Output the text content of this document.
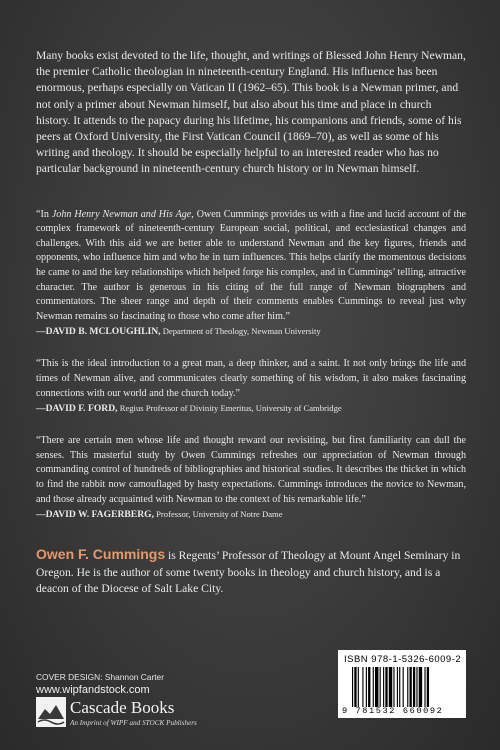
Many books exist devoted to the life, thought, and writings of Blessed John Henry Newman, the premier Catholic theologian in nineteenth-century England. His influence has been enormous, perhaps especially on Vatican II (1962–65). This book is a Newman primer, and not only a primer about Newman himself, but also about his time and place in church history. It attends to the papacy during his lifetime, his companions and friends, some of his peers at Oxford University, the First Vatican Council (1869–70), as well as some of his writing and theology. It should be especially helpful to an interested reader who has no particular background in nineteenth-century church history or in Newman himself.

“In John Henry Newman and His Age, Owen Cummings provides us with a fine and lucid account of the complex framework of nineteenth-century European social, political, and ecclesiastical changes and challenges. With this aid we are better able to understand Newman and the key figures, friends and opponents, who influence him and who he in turn influences. This helps clarify the momentous decisions he came to and the key relationships which helped forge his complex, and in Cummings’ telling, attractive character. The author is generous in his citing of the full range of Newman biographers and commentators. The sheer range and depth of their comments enables Cummings to reveal just why Newman remains so fascinating to those who come after him.”

—DAVID B. MCLOUGHLIN, Department of Theology, Newman University

“This is the ideal introduction to a great man, a deep thinker, and a saint. It not only brings the life and times of Newman alive, and communicates clearly something of his wisdom, it also makes fascinating connections with our world and the church today.”

—DAVID F. FORD, Regius Professor of Divinity Emeritus, University of Cambridge

“There are certain men whose life and thought reward our revisiting, but first familiarity can dull the senses. This masterful study by Owen Cummings refreshes our appreciation of Newman through commanding control of hundreds of bibliographies and historical studies. It describes the thicket in which to find the rabbit now camouflaged by hasty expectations. Cummings introduces the novice to Newman, and those already acquainted with Newman to the context of his remarkable life.”

—DAVID W. FAGERBERG, Professor, University of Notre Dame

Owen F. Cummings is Regents’ Professor of Theology at Mount Angel Seminary in Oregon. He is the author of some twenty books in theology and church history, and is a deacon of the Diocese of Salt Lake City.

COVER DESIGN: Shannon Carter
www.wipfandstock.com
Cascade Books
An Imprint of WIPF and STOCK Publishers
ISBN 978-1-5326-6009-2
9 781532 660092
